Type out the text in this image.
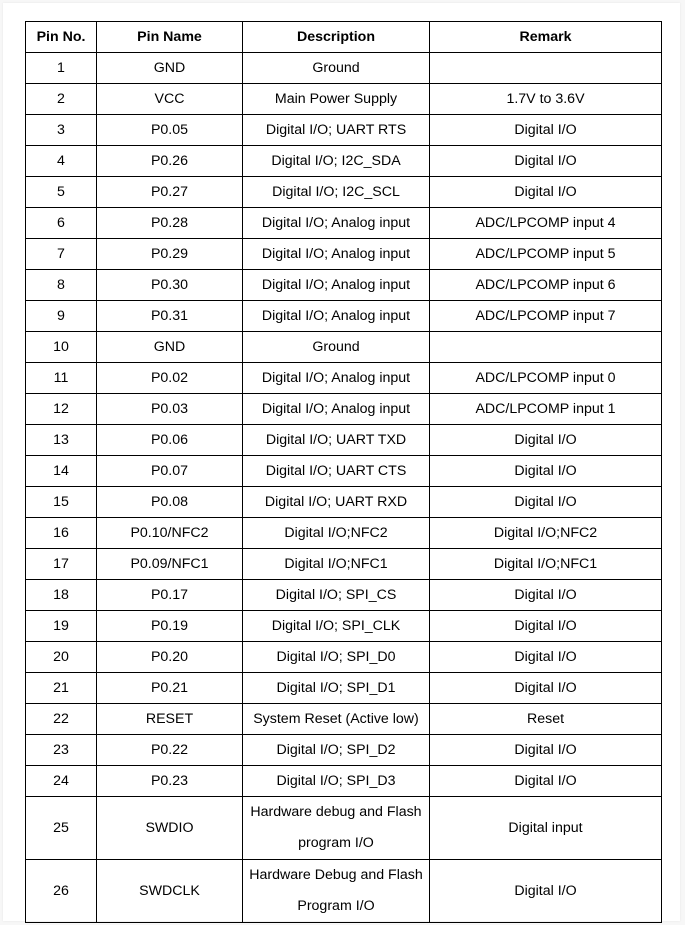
Pin No.	Pin Name	Description	Remark
1	GND	Ground	
2	VCC	Main Power Supply	1.7V to 3.6V
3	P0.05	Digital I/O; UART RTS	Digital I/O
4	P0.26	Digital I/O; I2C_SDA	Digital I/O
5	P0.27	Digital I/O; I2C_SCL	Digital I/O
6	P0.28	Digital I/O; Analog input	ADC/LPCOMP input 4
7	P0.29	Digital I/O; Analog input	ADC/LPCOMP input 5
8	P0.30	Digital I/O; Analog input	ADC/LPCOMP input 6
9	P0.31	Digital I/O; Analog input	ADC/LPCOMP input 7
10	GND	Ground	
11	P0.02	Digital I/O; Analog input	ADC/LPCOMP input 0
12	P0.03	Digital I/O; Analog input	ADC/LPCOMP input 1
13	P0.06	Digital I/O; UART TXD	Digital I/O
14	P0.07	Digital I/O; UART CTS	Digital I/O
15	P0.08	Digital I/O; UART RXD	Digital I/O
16	P0.10/NFC2	Digital I/O;NFC2	Digital I/O;NFC2
17	P0.09/NFC1	Digital I/O;NFC1	Digital I/O;NFC1
18	P0.17	Digital I/O; SPI_CS	Digital I/O
19	P0.19	Digital I/O; SPI_CLK	Digital I/O
20	P0.20	Digital I/O; SPI_D0	Digital I/O
21	P0.21	Digital I/O; SPI_D1	Digital I/O
22	RESET	System Reset (Active low)	Reset
23	P0.22	Digital I/O; SPI_D2	Digital I/O
24	P0.23	Digital I/O; SPI_D3	Digital I/O
25	SWDIO	Hardware debug and Flash program I/O	Digital input
26	SWDCLK	Hardware Debug and Flash Program I/O	Digital I/O
